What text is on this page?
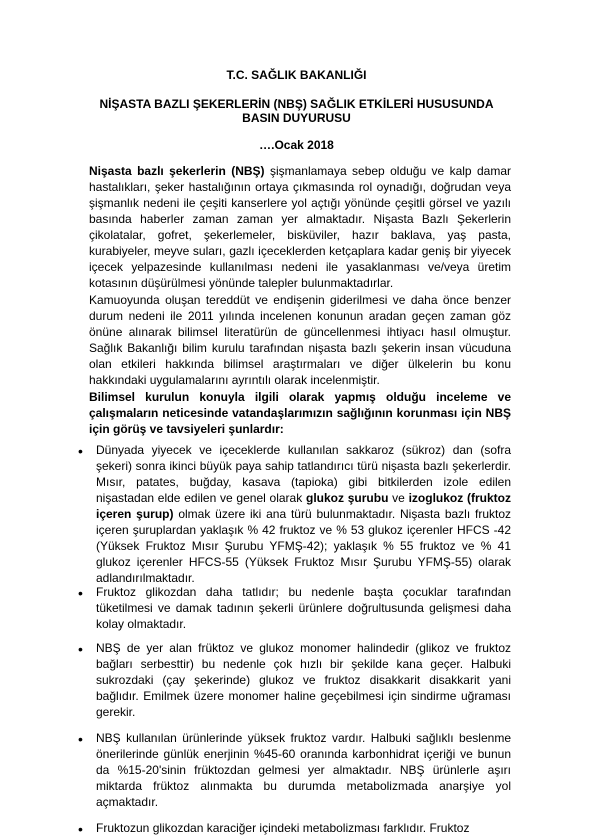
T.C. SAĞLIK BAKANLIĞI
NİŞASTA BAZLI ŞEKERLERİN (NBŞ) SAĞLIK ETKİLERİ HUSUSUNDA
BASIN DUYURUSU
….Ocak 2018
Nişasta bazlı şekerlerin (NBŞ) şişmanlamaya sebep olduğu ve kalp damar hastalıkları, şeker hastalığının ortaya çıkmasında rol oynadığı, doğrudan veya şişmanlık nedeni ile çeşiti kanserlere yol açtığı yönünde çeşitli görsel ve yazılı basında haberler zaman zaman yer almaktadır. Nişasta Bazlı Şekerlerin çikolatalar, gofret, şekerlemeler, bisküviler, hazır baklava, yaş pasta, kurabiyeler, meyve suları, gazlı içeceklerden ketçaplara kadar geniş bir yiyecek içecek yelpazesinde kullanılması nedeni ile yasaklanması ve/veya üretim kotasının düşürülmesi yönünde talepler bulunmaktadırlar.
Kamuoyunda oluşan tereddüt ve endişenin giderilmesi ve daha önce benzer durum nedeni ile 2011 yılında incelenen konunun aradan geçen zaman göz önüne alınarak bilimsel literatürün de güncellenmesi ihtiyacı hasıl olmuştur. Sağlık Bakanlığı bilim kurulu tarafından nişasta bazlı şekerin insan vücuduna olan etkileri hakkında bilimsel araştırmaları ve diğer ülkelerin bu konu hakkındaki uygulamalarını ayrıntılı olarak incelenmiştir.
Bilimsel kurulun konuyla ilgili olarak yapmış olduğu inceleme ve çalışmaların neticesinde vatandaşlarımızın sağlığının korunması için NBŞ için görüş ve tavsiyeleri şunlardır:
• Dünyada yiyecek ve içeceklerde kullanılan sakkaroz (sükroz) dan (sofra şekeri) sonra ikinci büyük paya sahip tatlandırıcı türü nişasta bazlı şekerlerdir. Mısır, patates, buğday, kasava (tapioka) gibi bitkilerden izole edilen nişastadan elde edilen ve genel olarak glukoz şurubu ve izoglukoz (fruktoz içeren şurup) olmak üzere iki ana türü bulunmaktadır. Nişasta bazlı fruktoz içeren şuruplardan yaklaşık % 42 fruktoz ve % 53 glukoz içerenler HFCS -42 (Yüksek Fruktoz Mısır Şurubu YFMŞ-42); yaklaşık % 55 fruktoz ve % 41 glukoz içerenler HFCS-55 (Yüksek Fruktoz Mısır Şurubu YFMŞ-55) olarak adlandırılmaktadır.
• Fruktoz glikozdan daha tatlıdır; bu nedenle başta çocuklar tarafından tüketilmesi ve damak tadının şekerli ürünlere doğrultusunda gelişmesi daha kolay olmaktadır.
• NBŞ de yer alan früktoz ve glukoz monomer halindedir (glikoz ve fruktoz bağları serbesttir) bu nedenle çok hızlı bir şekilde kana geçer. Halbuki sukrozdaki (çay şekerinde) glukoz ve fruktoz disakkarit disakkarit yani bağlıdır. Emilmek üzere monomer haline geçebilmesi için sindirme uğraması gerekir.
• NBŞ kullanılan ürünlerinde yüksek fruktoz vardır. Halbuki sağlıklı beslenme önerilerinde günlük enerjinin %45-60 oranında karbonhidrat içeriği ve bunun da %15-20'sinin früktozdan gelmesi yer almaktadır. NBŞ ürünlerle aşırı miktarda früktoz alınmakta bu durumda metabolizmada anarşiye yol açmaktadır.
• Fruktozun glikozdan karaciğer içindeki metabolizması farklıdır. Fruktoz
